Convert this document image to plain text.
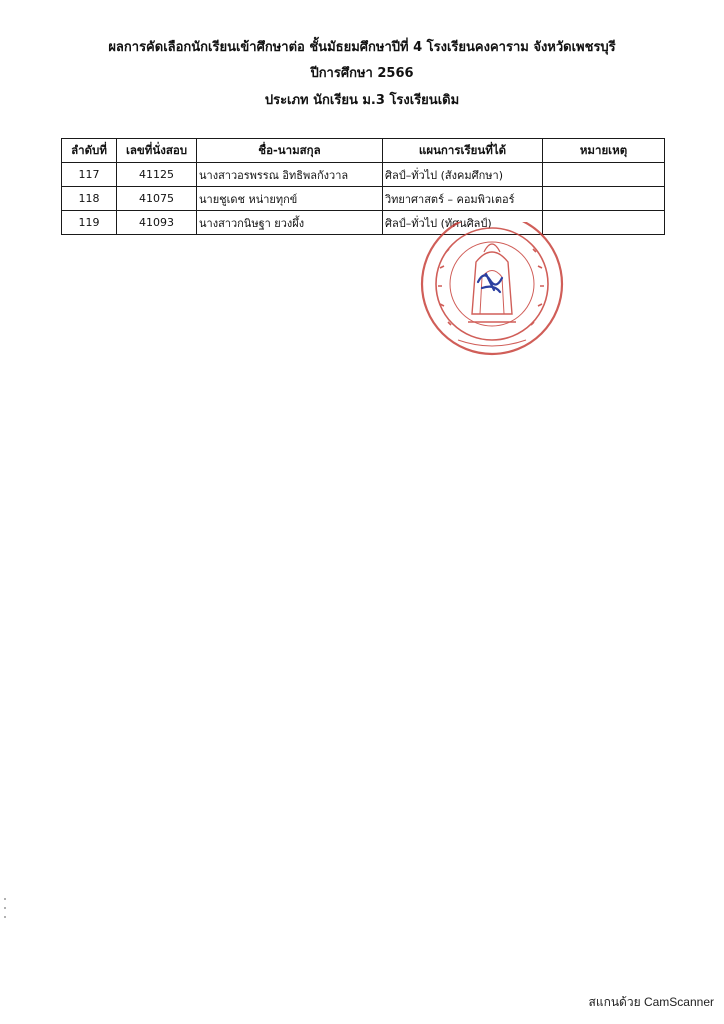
ผลการคัดเลือกนักเรียนเข้าศึกษาต่อ ชั้นมัธยมศึกษาปีที่ 4 โรงเรียนคงคาราม จังหวัดเพชรบุรี
ปีการศึกษา 2566
ประเภท นักเรียน ม.3 โรงเรียนเดิม
ลำดับที่	เลขที่นั่งสอบ	ชื่อ-นามสกุล	แผนการเรียนที่ได้	หมายเหตุ
117	41125	นางสาวอรพรรณ อิทธิพลกังวาล	ศิลป์–ทั่วไป (สังคมศึกษา)	
118	41075	นายชูเดช หน่ายทุกข์	วิทยาศาสตร์ – คอมพิวเตอร์	
119	41093	นางสาวกนิษฐา ยวงผึ้ง	ศิลป์–ทั่วไป (ทัศนศิลป์)	
สแกนด้วย CamScanner
